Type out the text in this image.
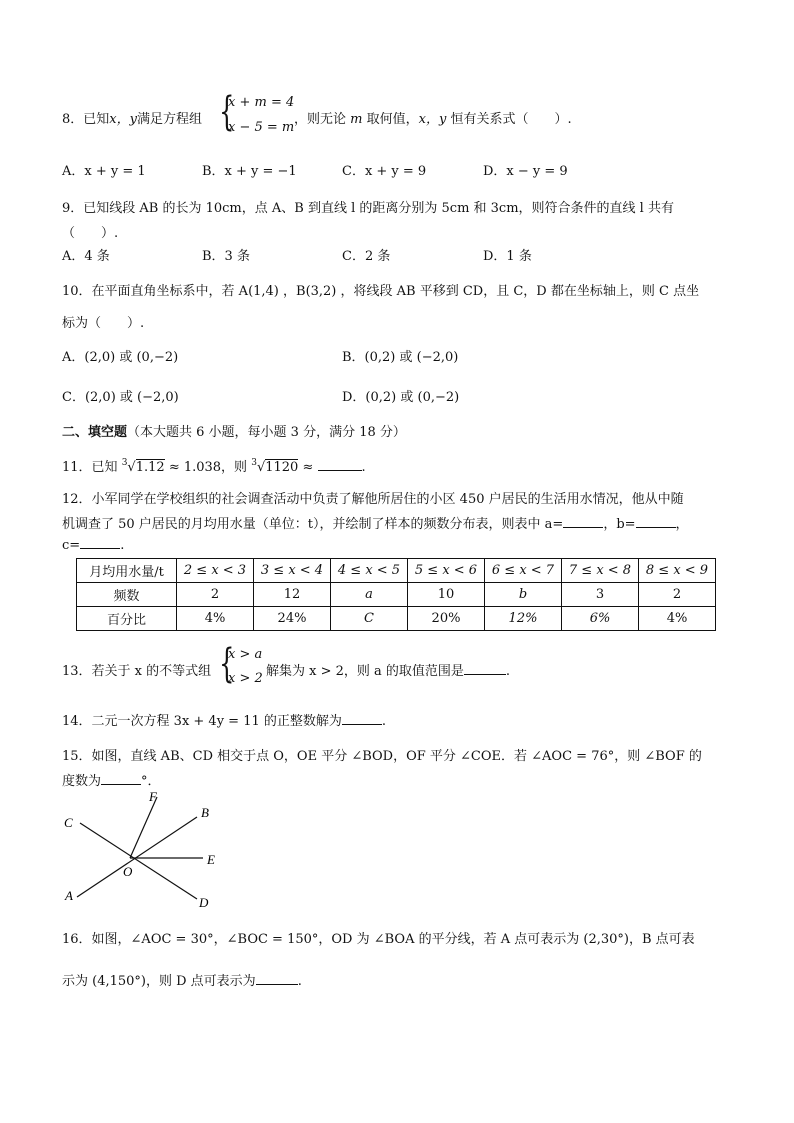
8．已知x，y满足方程组 {
x + m = 4
x − 5 = m
，则无论 m 取何值，x，y 恒有关系式（　　）.
A．x + y = 1	B．x + y = −1	C．x + y = 9	D．x − y = 9
9．已知线段 AB 的长为 10cm，点 A、B 到直线 l 的距离分别为 5cm 和 3cm，则符合条件的直线 l 共有
（　　）.
A．4 条	B．3 条	C．2 条	D．1 条
10．在平面直角坐标系中，若 A(1,4) ，B(3,2) ，将线段 AB 平移到 CD，且 C，D 都在坐标轴上，则 C 点坐
标为（　　）.
A．(2,0) 或 (0,−2)	B．(0,2) 或 (−2,0)
C．(2,0) 或 (−2,0)	D．(0,2) 或 (0,−2)
二、填空题（本大题共 6 小题，每小题 3 分，满分 18 分）
11．已知 $^3$√1.12 ≈ 1.038，则 $^3$√1120 ≈	.
12．小军同学在学校组织的社会调查活动中负责了解他所居住的小区 450 户居民的生活用水情况，他从中随
机调查了 50 户居民的月均用水量（单位：t），并绘制了样本的频数分布表，则表中 a=	，b=	，
c=	.
月均用水量/t	2 ≤ x < 3	3 ≤ x < 4	4 ≤ x < 5	5 ≤ x < 6	6 ≤ x < 7	7 ≤ x < 8	8 ≤ x < 9
频数	2	12	a	10	b	3	2
百分比	4%	24%	C	20%	12%	6%	4%
13．若关于 x 的不等式组 {
x > a
x > 2 解集为 x > 2，则 a 的取值范围是	.
14．二元一次方程 3x + 4y = 11 的正整数解为	.
15．如图，直线 AB、CD 相交于点 O，OE 平分 ∠BOD，OF 平分 ∠COE．若 ∠AOC = 76°，则 ∠BOF 的
度数为	°．
F
B
C
E
O
A	D
16．如图，∠AOC = 30°，∠BOC = 150°，OD 为 ∠BOA 的平分线，若 A 点可表示为 (2,30°)，B 点可表
示为 (4,150°)，则 D 点可表示为	.
